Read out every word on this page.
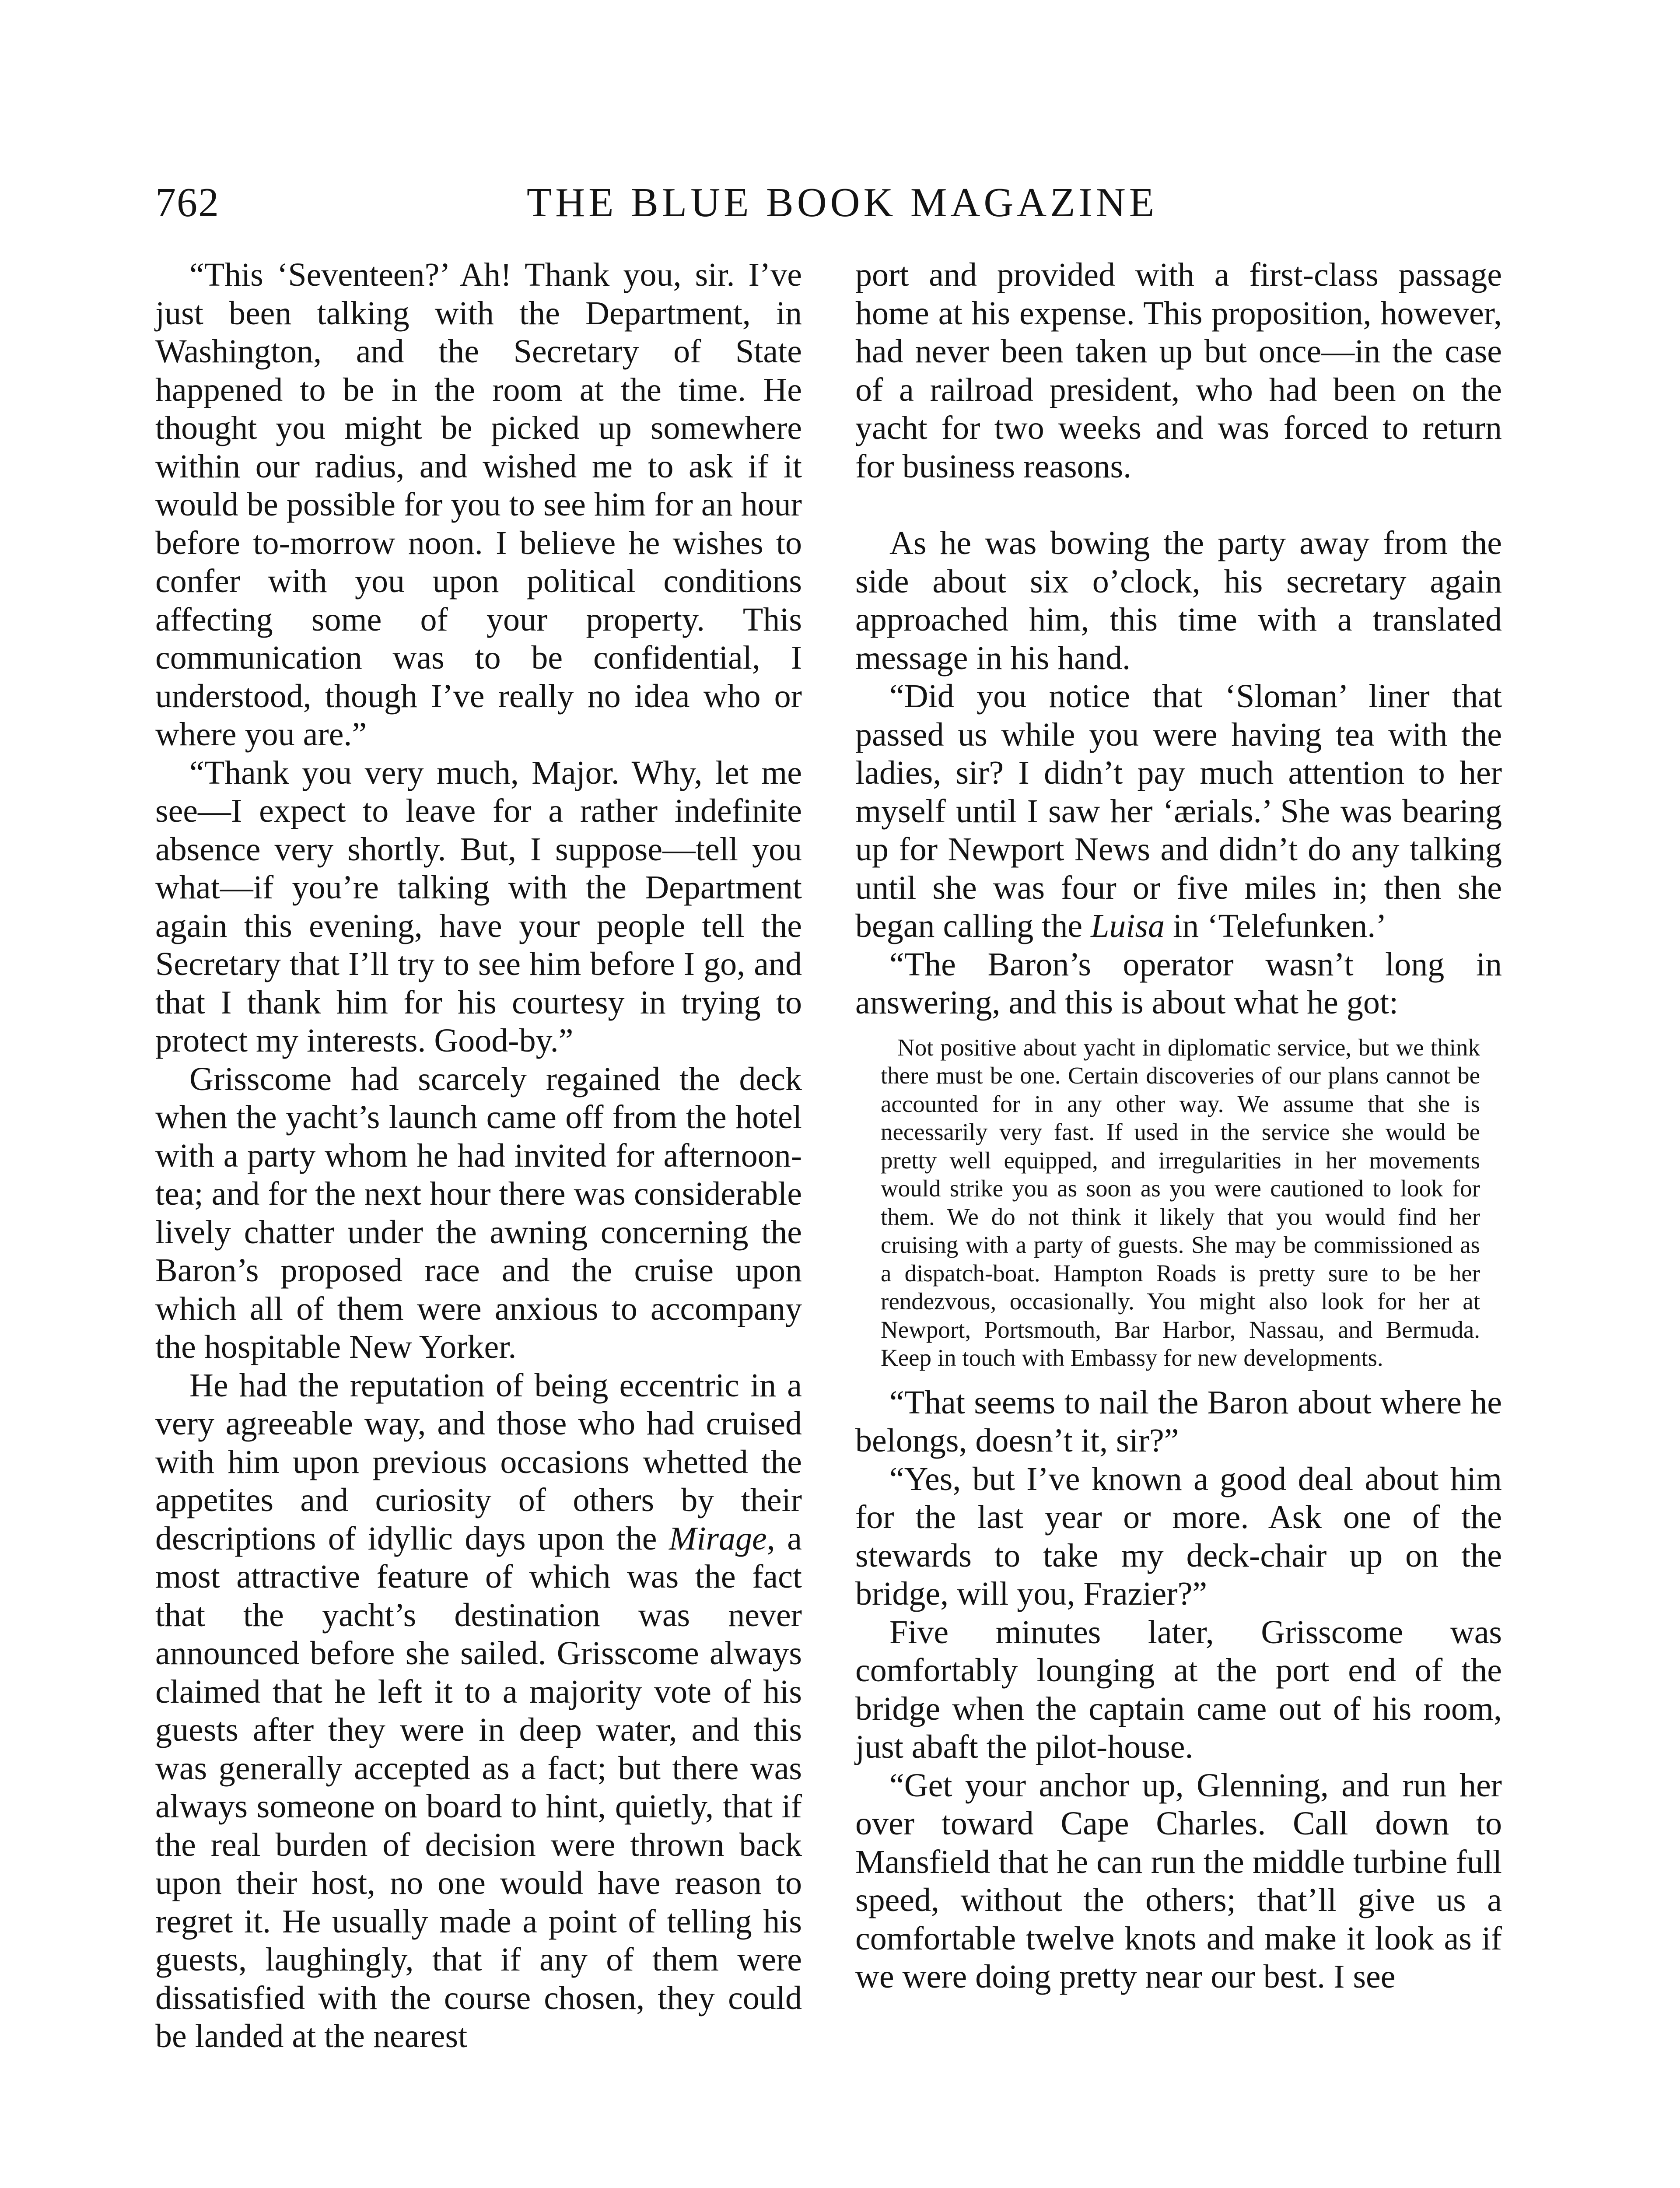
762	THE BLUE BOOK MAGAZINE

“This ‘Seventeen?’ Ah! Thank you, sir. I’ve just been talking with the Department, in Washington, and the Secretary of State happened to be in the room at the time. He thought you might be picked up somewhere within our radius, and wished me to ask if it would be possible for you to see him for an hour before to-morrow noon. I believe he wishes to confer with you upon political conditions affecting some of your property. This communication was to be confidential, I understood, though I’ve really no idea who or where you are.”

“Thank you very much, Major. Why, let me see—I expect to leave for a rather indefinite absence very shortly. But, I suppose—tell you what—if you’re talking with the Department again this evening, have your people tell the Secretary that I’ll try to see him before I go, and that I thank him for his courtesy in trying to protect my interests. Good-by.”

Grisscome had scarcely regained the deck when the yacht’s launch came off from the hotel with a party whom he had invited for afternoon-tea; and for the next hour there was considerable lively chatter under the awning concerning the Baron’s proposed race and the cruise upon which all of them were anxious to accompany the hospitable New Yorker.

He had the reputation of being eccentric in a very agreeable way, and those who had cruised with him upon previous occasions whetted the appetites and curiosity of others by their descriptions of idyllic days upon the Mirage, a most attractive feature of which was the fact that the yacht’s destination was never announced before she sailed. Grisscome always claimed that he left it to a majority vote of his guests after they were in deep water, and this was generally accepted as a fact; but there was always someone on board to hint, quietly, that if the real burden of decision were thrown back upon their host, no one would have reason to regret it. He usually made a point of telling his guests, laughingly, that if any of them were dissatisfied with the course chosen, they could be landed at the nearest

port and provided with a first-class passage home at his expense. This proposition, however, had never been taken up but once—in the case of a railroad president, who had been on the yacht for two weeks and was forced to return for business reasons.

As he was bowing the party away from the side about six o’clock, his secretary again approached him, this time with a translated message in his hand.

“Did you notice that ‘Sloman’ liner that passed us while you were having tea with the ladies, sir? I didn’t pay much attention to her myself until I saw her ‘ærials.’ She was bearing up for Newport News and didn’t do any talking until she was four or five miles in; then she began calling the Luisa in ‘Telefunken.’

“The Baron’s operator wasn’t long in answering, and this is about what he got:

Not positive about yacht in diplomatic service, but we think there must be one. Certain discoveries of our plans cannot be accounted for in any other way. We assume that she is necessarily very fast. If used in the service she would be pretty well equipped, and irregularities in her movements would strike you as soon as you were cautioned to look for them. We do not think it likely that you would find her cruising with a party of guests. She may be commissioned as a dispatch-boat. Hampton Roads is pretty sure to be her rendezvous, occasionally. You might also look for her at Newport, Portsmouth, Bar Harbor, Nassau, and Bermuda. Keep in touch with Embassy for new developments.

“That seems to nail the Baron about where he belongs, doesn’t it, sir?”

“Yes, but I’ve known a good deal about him for the last year or more. Ask one of the stewards to take my deck-chair up on the bridge, will you, Frazier?”

Five minutes later, Grisscome was comfortably lounging at the port end of the bridge when the captain came out of his room, just abaft the pilot-house.

“Get your anchor up, Glenning, and run her over toward Cape Charles. Call down to Mansfield that he can run the middle turbine full speed, without the others; that’ll give us a comfortable twelve knots and make it look as if we were doing pretty near our best. I see
